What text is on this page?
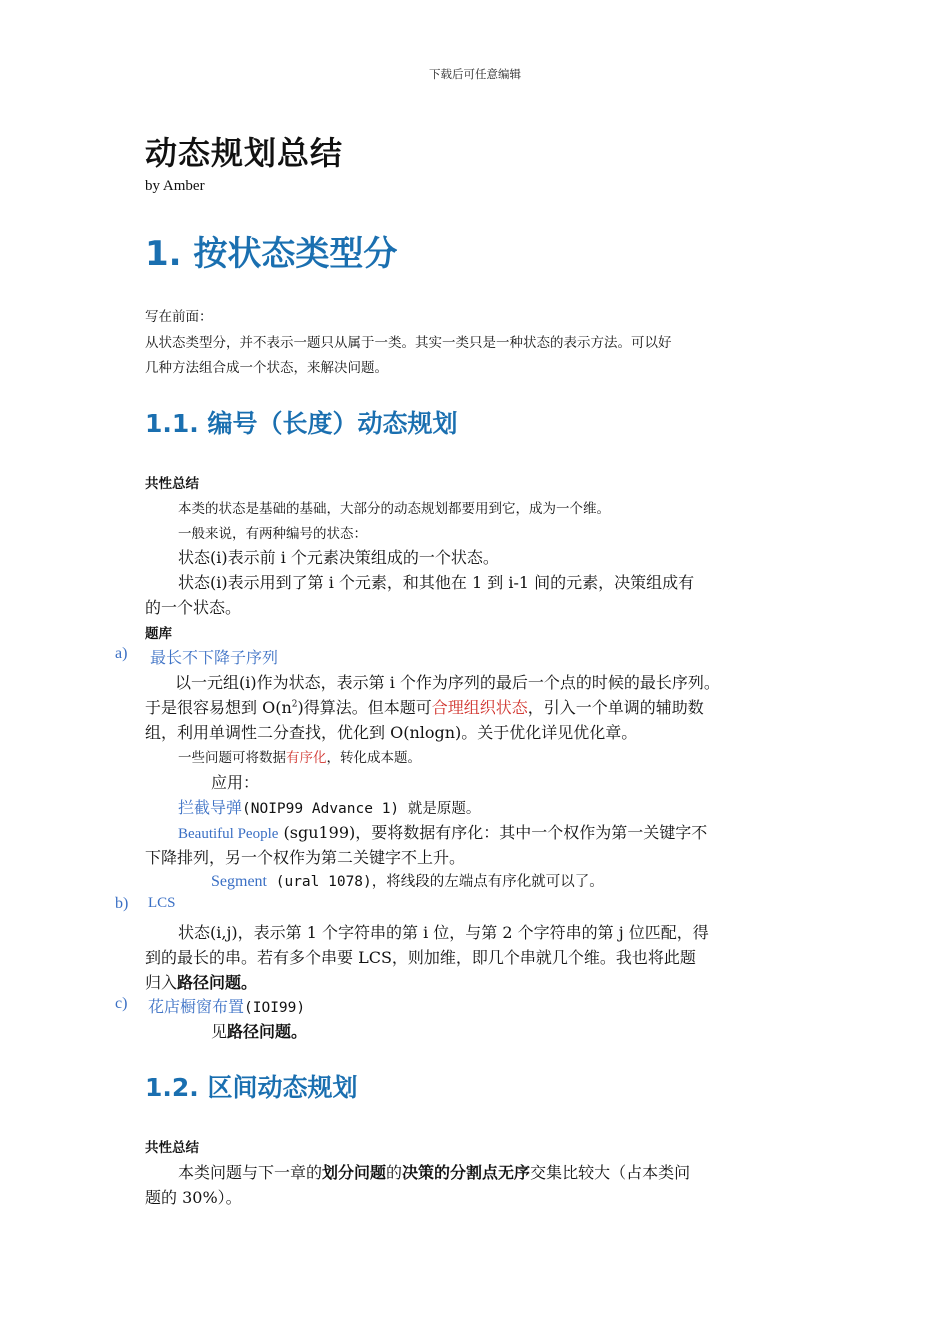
下载后可任意编辑
动态规划总结
by Amber
1. 按状态类型分
写在前面：
从状态类型分，并不表示一题只从属于一类。其实一类只是一种状态的表示方法。可以好
几种方法组合成一个状态，来解决问题。
1.1. 编号（长度）动态规划
共性总结
本类的状态是基础的基础，大部分的动态规划都要用到它，成为一个维。
一般来说，有两种编号的状态：
状态(i)表示前 i 个元素决策组成的一个状态。
状态(i)表示用到了第 i 个元素，和其他在 1 到 i-1 间的元素，决策组成有
的一个状态。
题库
a) 最长不下降子序列
以一元组(i)作为状态，表示第 i 个作为序列的最后一个点的时候的最长序列。
于是很容易想到 $O(n^2)$得算法。但本题可合理组织状态，引入一个单调的辅助数
组，利用单调性二分查找，优化到 O(nlogn)。关于优化详见优化章。
一些问题可将数据有序化，转化成本题。
应用：
拦截导弹(NOIP99 Advance 1) 就是原题。
Beautiful People (sgu199)，要将数据有序化：其中一个权作为第一关键字不
下降排列，另一个权作为第二关键字不上升。
Segment (ural 1078)，将线段的左端点有序化就可以了。
b) LCS
状态(i,j)，表示第 1 个字符串的第 i 位，与第 2 个字符串的第 j 位匹配，得
到的最长的串。若有多个串要 LCS，则加维，即几个串就几个维。我也将此题
归入路径问题。
c) 花店橱窗布置(IOI99)
见路径问题。
1.2. 区间动态规划
共性总结
本类问题与下一章的划分问题的决策的分割点无序交集比较大（占本类问
题的 30%）。
